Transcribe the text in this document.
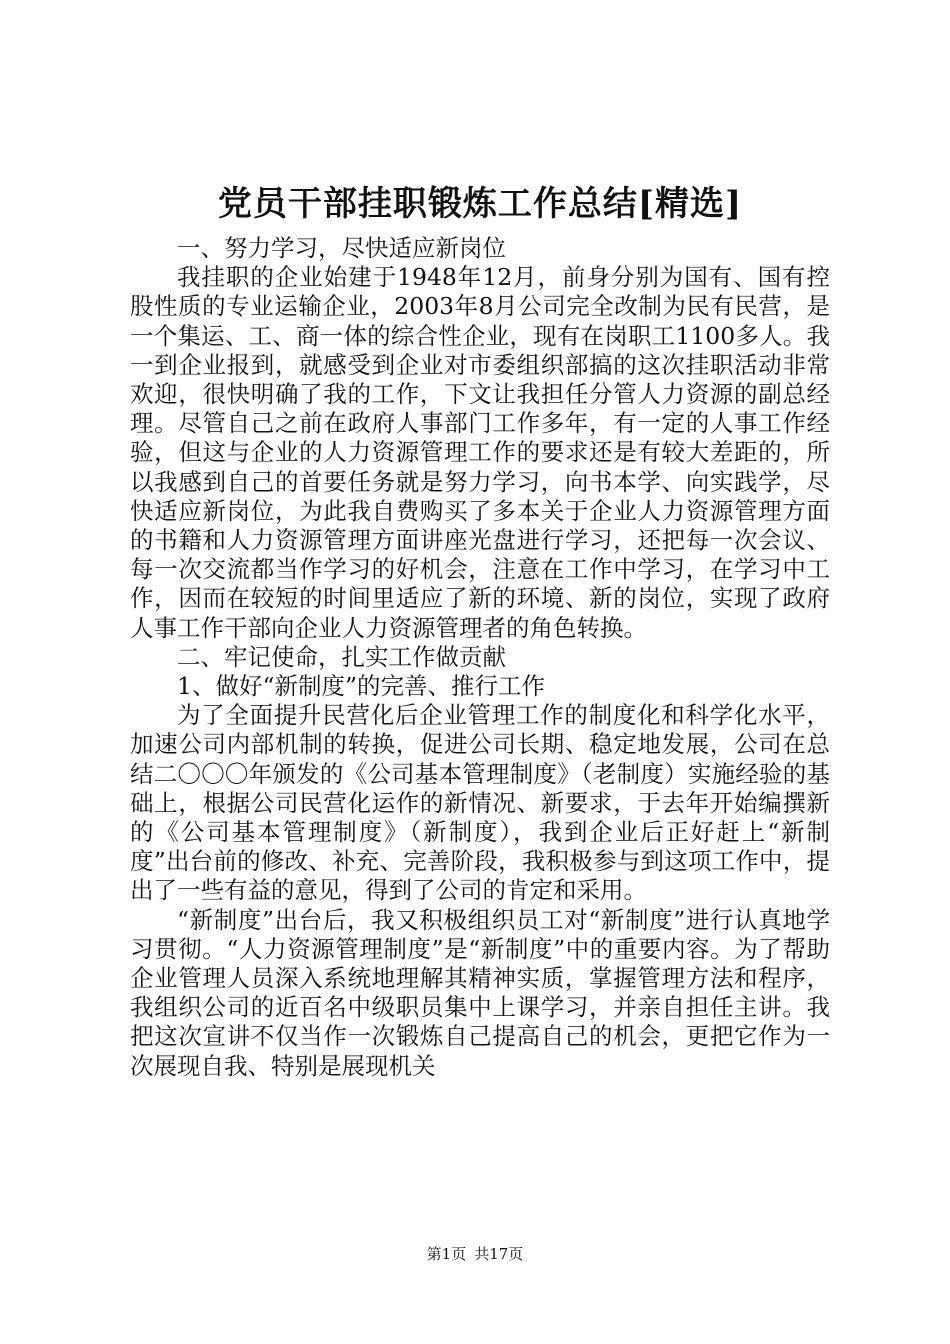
党员干部挂职锻炼工作总结[精选]

一、努力学习，尽快适应新岗位

我挂职的企业始建于1948年12月，前身分别为国有、国有控股性质的专业运输企业，2003年8月公司完全改制为民有民营，是一个集运、工、商一体的综合性企业，现有在岗职工1100多人。我一到企业报到，就感受到企业对市委组织部搞的这次挂职活动非常欢迎，很快明确了我的工作，下文让我担任分管人力资源的副总经理。尽管自己之前在政府人事部门工作多年，有一定的人事工作经验，但这与企业的人力资源管理工作的要求还是有较大差距的，所以我感到自己的首要任务就是努力学习，向书本学、向实践学，尽快适应新岗位，为此我自费购买了多本关于企业人力资源管理方面的书籍和人力资源管理方面讲座光盘进行学习，还把每一次会议、每一次交流都当作学习的好机会，注意在工作中学习，在学习中工作，因而在较短的时间里适应了新的环境、新的岗位，实现了政府人事工作干部向企业人力资源管理者的角色转换。

二、牢记使命，扎实工作做贡献

1、做好“新制度”的完善、推行工作

为了全面提升民营化后企业管理工作的制度化和科学化水平，加速公司内部机制的转换，促进公司长期、稳定地发展，公司在总结二〇〇〇年颁发的《公司基本管理制度》（老制度）实施经验的基础上，根据公司民营化运作的新情况、新要求，于去年开始编撰新的《公司基本管理制度》（新制度），我到企业后正好赶上“新制度”出台前的修改、补充、完善阶段，我积极参与到这项工作中，提出了一些有益的意见，得到了公司的肯定和采用。

“新制度”出台后，我又积极组织员工对“新制度”进行认真地学习贯彻。“人力资源管理制度”是“新制度”中的重要内容。为了帮助企业管理人员深入系统地理解其精神实质，掌握管理方法和程序，我组织公司的近百名中级职员集中上课学习，并亲自担任主讲。我把这次宣讲不仅当作一次锻炼自己提高自己的机会，更把它作为一次展现自我、特别是展现机关

第1页 共17页
